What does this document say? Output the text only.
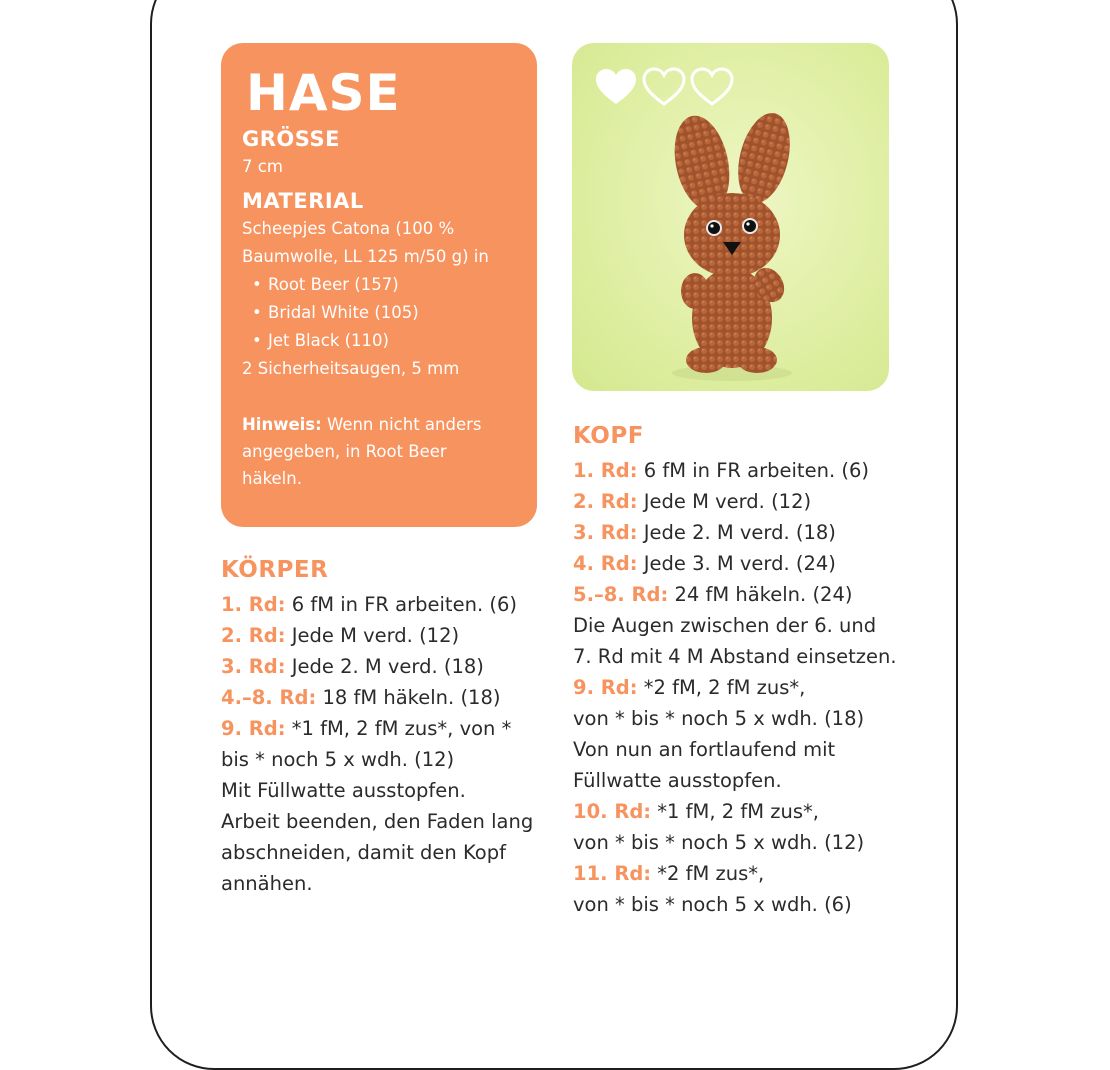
HASE
GRÖSSE
7 cm
MATERIAL
Scheepjes Catona (100 %
Baumwolle, LL 125 m/50 g) in
• Root Beer (157)
• Bridal White (105)
• Jet Black (110)
2 Sicherheitsaugen, 5 mm
Hinweis: Wenn nicht anders
angegeben, in Root Beer
häkeln.
KÖRPER
1. Rd: 6 fM in FR arbeiten. (6)
2. Rd: Jede M verd. (12)
3. Rd: Jede 2. M verd. (18)
4.–8. Rd: 18 fM häkeln. (18)
9. Rd: *1 fM, 2 fM zus*, von *
bis * noch 5 x wdh. (12)
Mit Füllwatte ausstopfen.
Arbeit beenden, den Faden lang
abschneiden, damit den Kopf
annähen.
KOPF
1. Rd: 6 fM in FR arbeiten. (6)
2. Rd: Jede M verd. (12)
3. Rd: Jede 2. M verd. (18)
4. Rd: Jede 3. M verd. (24)
5.–8. Rd: 24 fM häkeln. (24)
Die Augen zwischen der 6. und
7. Rd mit 4 M Abstand einsetzen.
9. Rd: *2 fM, 2 fM zus*,
von * bis * noch 5 x wdh. (18)
Von nun an fortlaufend mit
Füllwatte ausstopfen.
10. Rd: *1 fM, 2 fM zus*,
von * bis * noch 5 x wdh. (12)
11. Rd: *2 fM zus*,
von * bis * noch 5 x wdh. (6)
